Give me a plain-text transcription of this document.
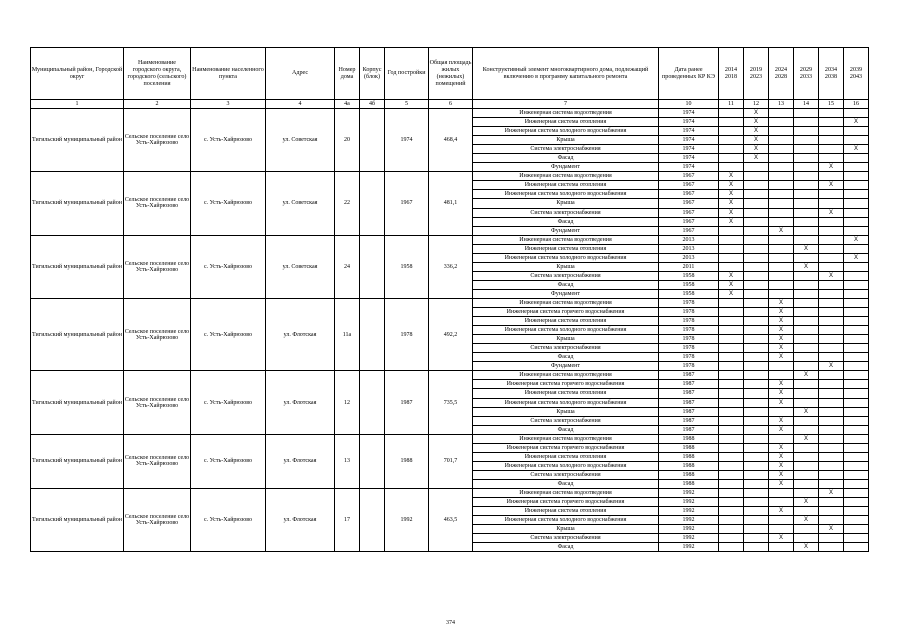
Муниципальный район, Городской округ	Наименование городского округа, городского (сельского) поселения	Наименование населенного пункта	Адрес	Номер дома	Корпус (блок)	Год постройки	Общая площадь жилых (нежилых) помещений	Конструктивный элемент многоквартирного дома, подлежащий включению в программу капитального ремонта	Дата ранее проведенных КР КЭ	2014 2018	2019 2023	2024 2028	2029 2033	2034 2038	2039 2043
1	2	3	4	4а	4б	5	6	7	10	11	12	13	14	15	16
Тигильский муниципальный район	Сельское поселение село Усть-Хайрюзово	с. Усть-Хайрюзово	ул. Советская	20		1974	468,4	Инженерная система водоотведения	1974		X				
								Инженерная система отопления	1974		X				X
								Инженерная система холодного водоснабжения	1974		X				
								Крыша	1974		X				
								Система электроснабжения	1974		X				X
								Фасад	1974		X				
								Фундамент	1974					X	
Тигильский муниципальный район	Сельское поселение село Усть-Хайрюзово	с. Усть-Хайрюзово	ул. Советская	22		1967	481,1	Инженерная система водоотведения	1967	X					
								Инженерная система отопления	1967	X				X	
								Инженерная система холодного водоснабжения	1967	X					
								Крыша	1967	X					
								Система электроснабжения	1967	X				X	
								Фасад	1967	X					
								Фундамент	1967			X			
Тигильский муниципальный район	Сельское поселение село Усть-Хайрюзово	с. Усть-Хайрюзово	ул. Советская	24		1958	336,2	Инженерная система водоотведения	2013						X
								Инженерная система отопления	2013				X		
								Инженерная система холодного водоснабжения	2013						X
								Крыша	2011				X		
								Система электроснабжения	1958	X				X	
								Фасад	1958	X					
								Фундамент	1958	X					
Тигильский муниципальный район	Сельское поселение село Усть-Хайрюзово	с. Усть-Хайрюзово	ул. Флотская	11а		1978	492,2	Инженерная система водоотведения	1978			X			
								Инженерная система горячего водоснабжения	1978			X			
								Инженерная система отопления	1978			X			
								Инженерная система холодного водоснабжения	1978			X			
								Крыша	1978			X			
								Система электроснабжения	1978			X			
								Фасад	1978			X			
								Фундамент	1978					X	
Тигильский муниципальный район	Сельское поселение село Усть-Хайрюзово	с. Усть-Хайрюзово	ул. Флотская	12		1987	735,5	Инженерная система водоотведения	1987				X		
								Инженерная система горячего водоснабжения	1987			X			
								Инженерная система отопления	1987			X			
								Инженерная система холодного водоснабжения	1987			X			
								Крыша	1987				X		
								Система электроснабжения	1987			X			
								Фасад	1987			X			
Тигильский муниципальный район	Сельское поселение село Усть-Хайрюзово	с. Усть-Хайрюзово	ул. Флотская	13		1988	701,7	Инженерная система водоотведения	1988				X		
								Инженерная система горячего водоснабжения	1988			X			
								Инженерная система отопления	1988			X			
								Инженерная система холодного водоснабжения	1988			X			
								Система электроснабжения	1988			X			
								Фасад	1988			X			
Тигильский муниципальный район	Сельское поселение село Усть-Хайрюзово	с. Усть-Хайрюзово	ул. Флотская	17		1992	463,5	Инженерная система водоотведения	1992					X	
								Инженерная система горячего водоснабжения	1992				X		
								Инженерная система отопления	1992			X			
								Инженерная система холодного водоснабжения	1992				X		
								Крыша	1992					X	
								Система электроснабжения	1992			X			
								Фасад	1992				X		
374
